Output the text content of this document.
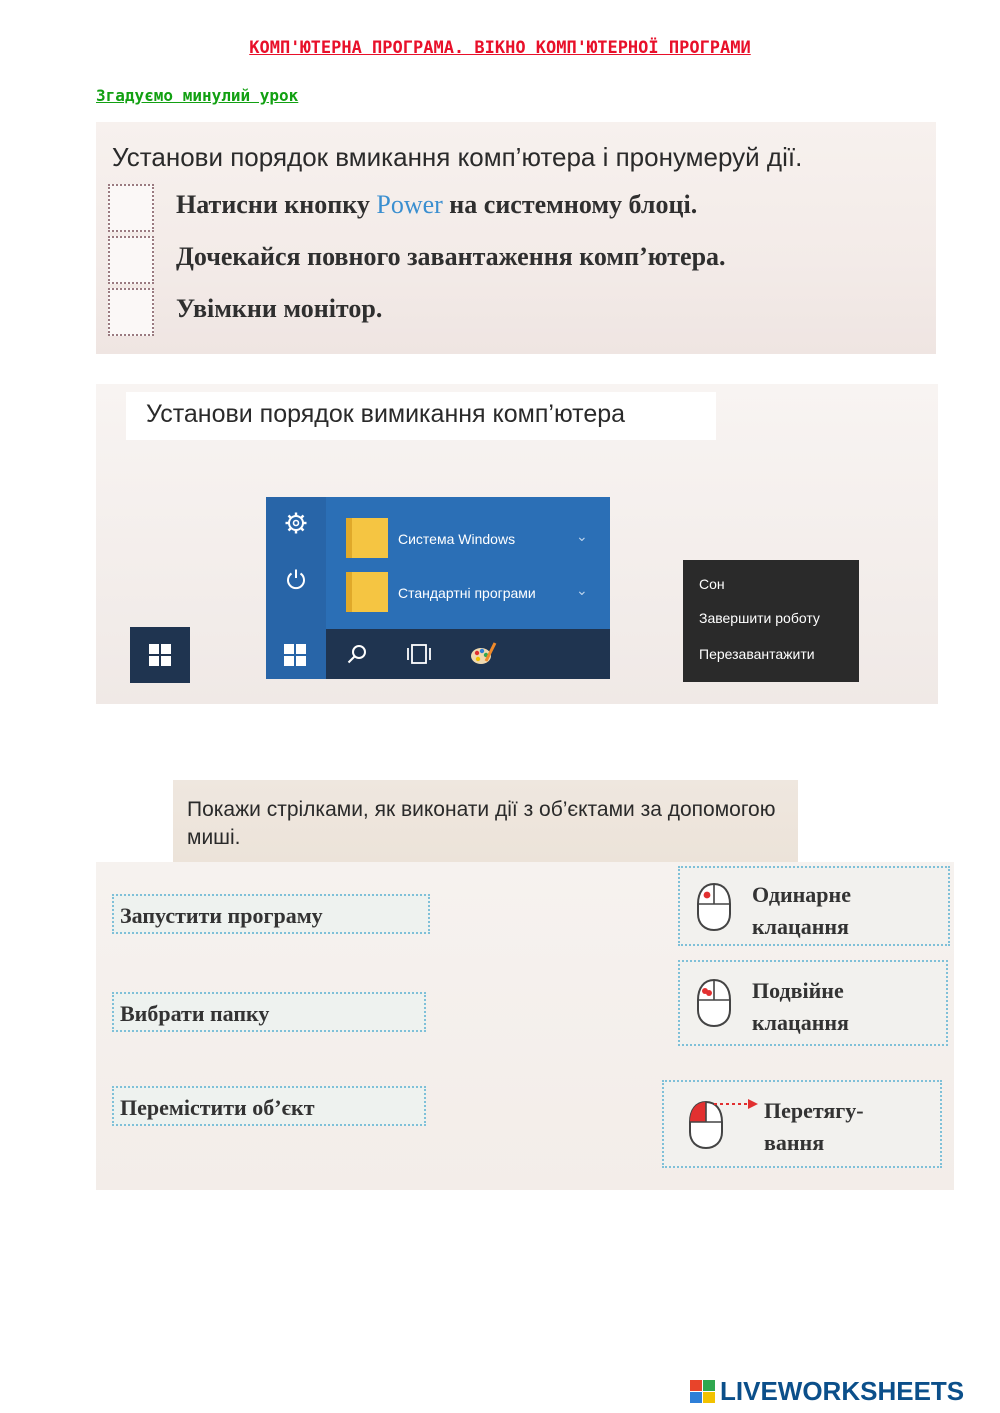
КОМП'ЮТЕРНА ПРОГРАМА. ВІКНО КОМП'ЮТЕРНОЇ ПРОГРАМИ
Згадуємо минулий урок
Установи порядок вмикання комп’ютера і пронумеруй дії.
Натисни кнопку Power на системному блоці.
Дочекайся повного завантаження комп’ютера.
Увімкни монітор.
Установи порядок вимикання комп’ютера
Система Windows	⌄
Стандартні програми	⌄	Сон
Завершити роботу
Перезавантажити
Покажи стрілками, як виконати дії з об’єктами за допомогою миші.
Запустити програму
Вибрати папку
Перемістити об’єкт
Одинарне
клацання
Подвійне
клацання
Перетягу-
вання
LIVEWORKSHEETS
